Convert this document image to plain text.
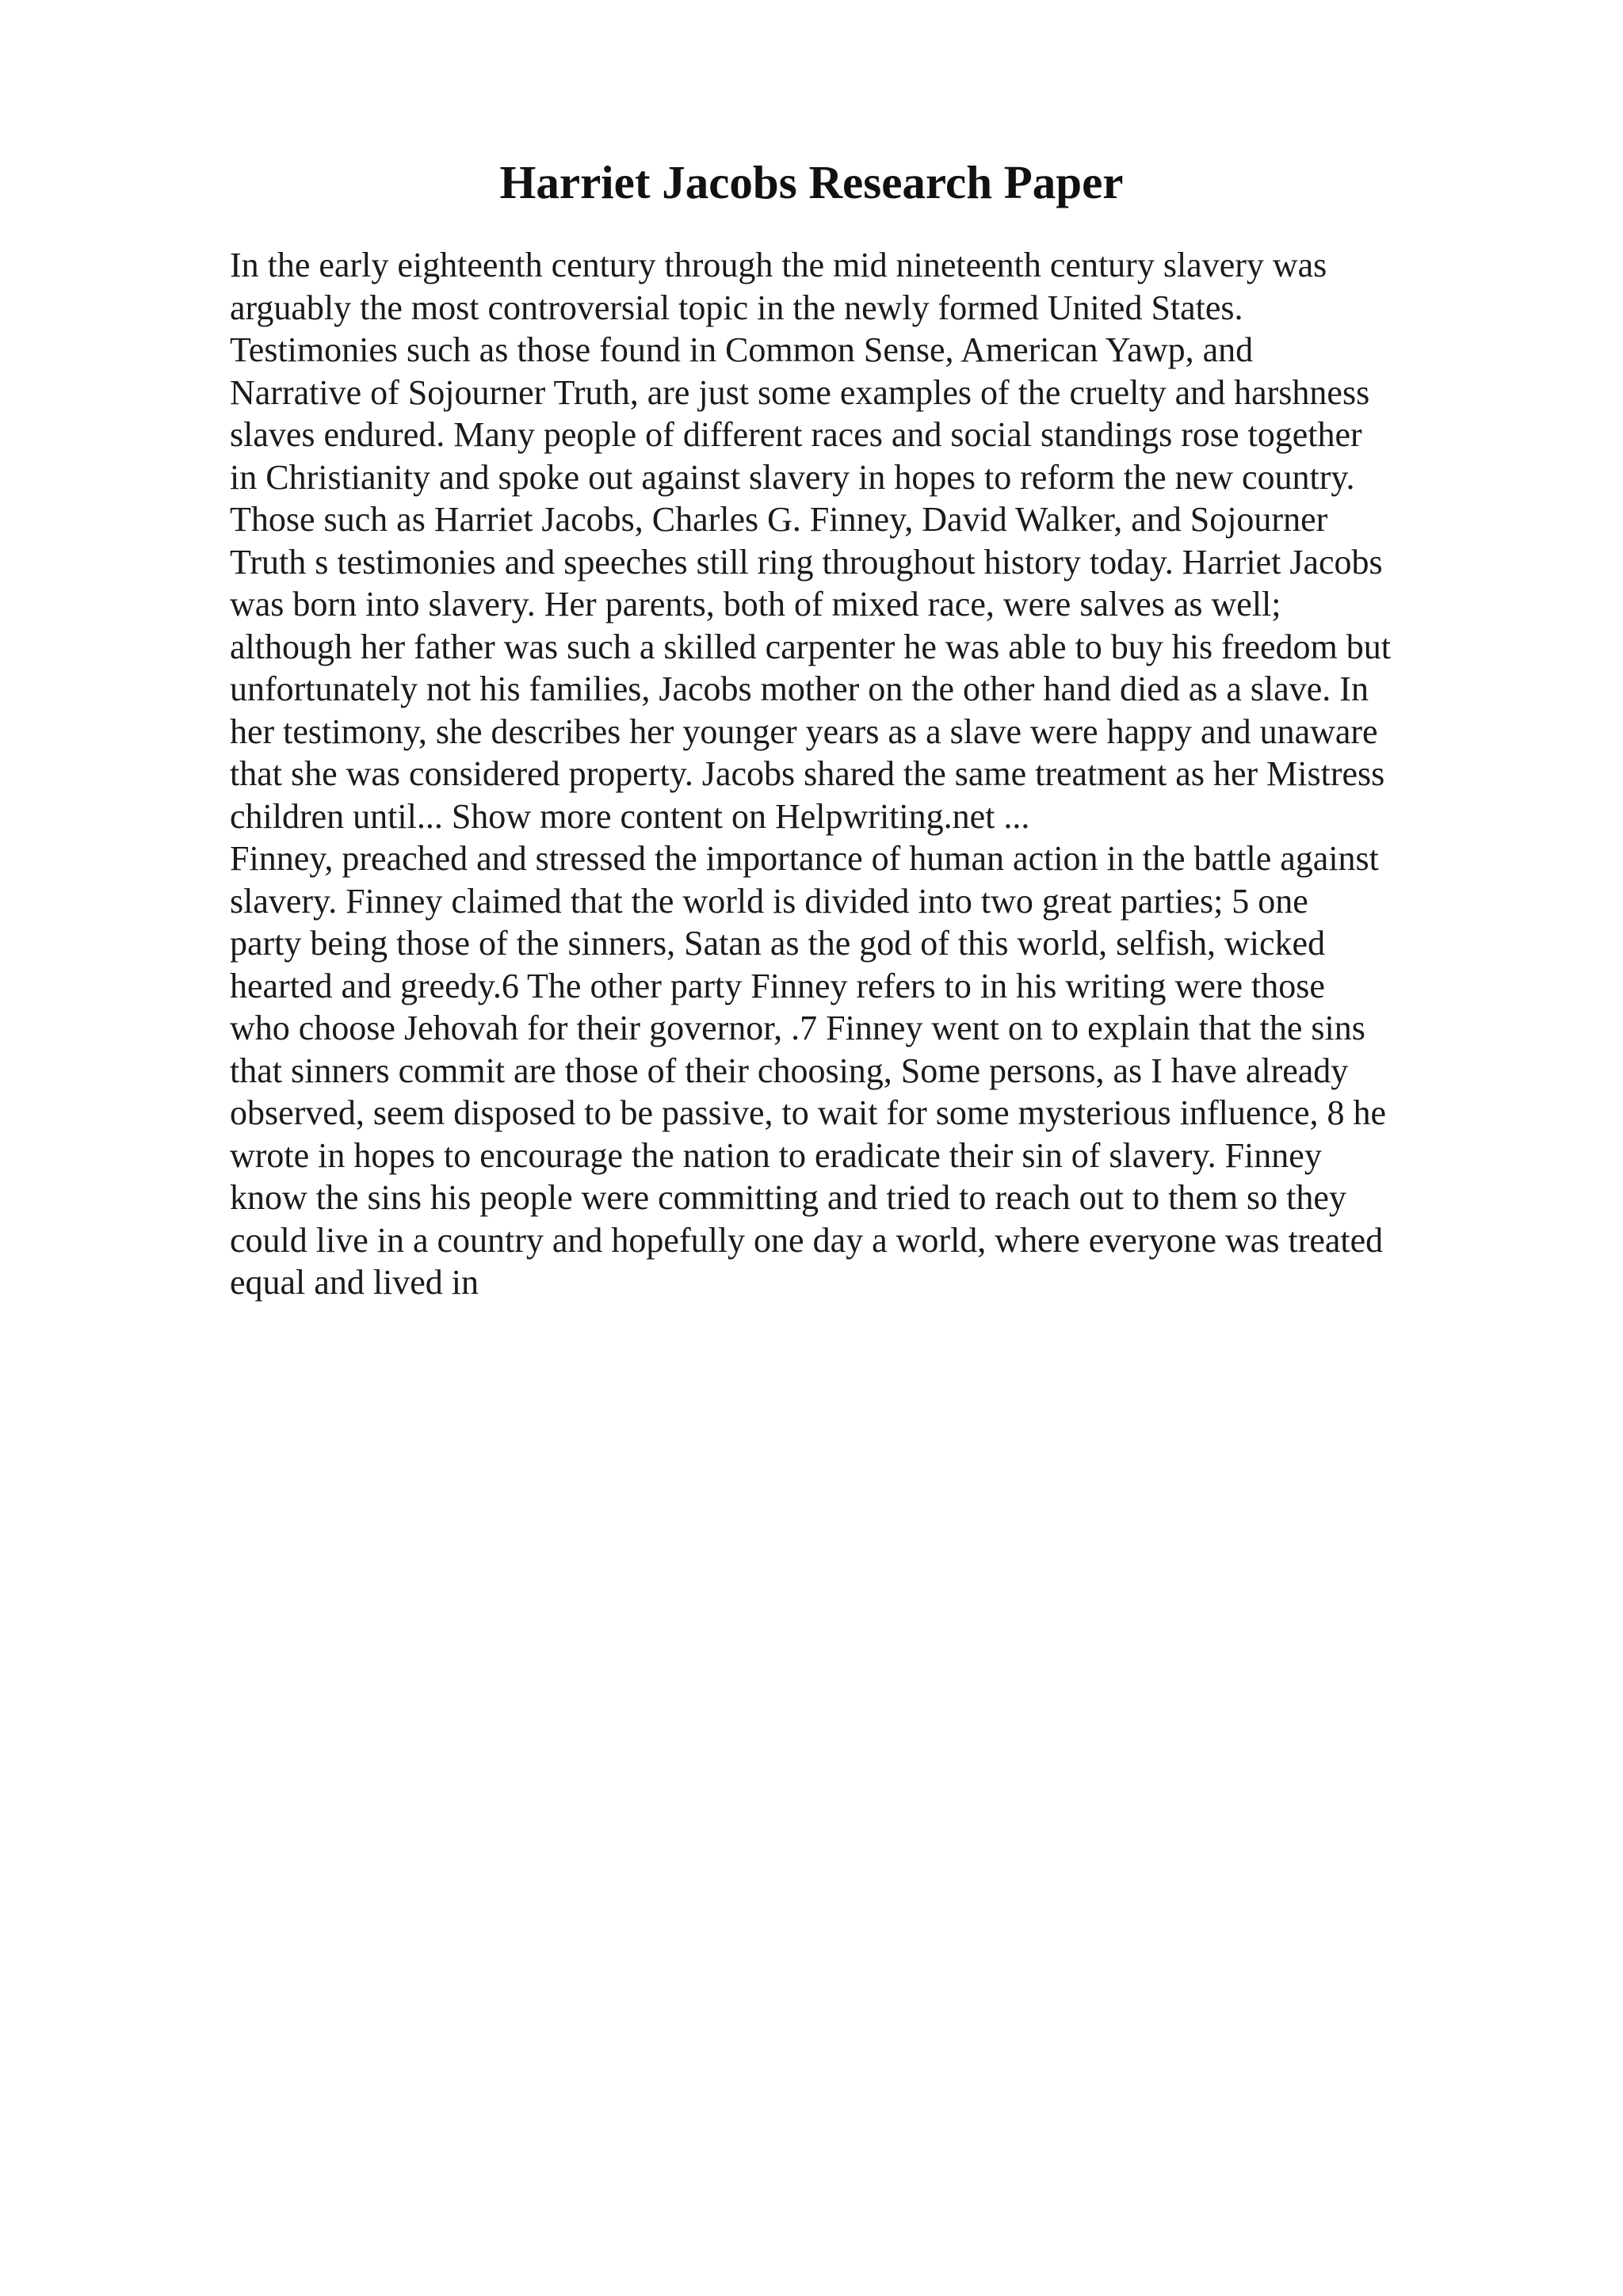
Harriet Jacobs Research Paper
In the early eighteenth century through the mid nineteenth century slavery was
arguably the most controversial topic in the newly formed United States.
Testimonies such as those found in Common Sense, American Yawp, and
Narrative of Sojourner Truth, are just some examples of the cruelty and harshness
slaves endured. Many people of different races and social standings rose together
in Christianity and spoke out against slavery in hopes to reform the new country.
Those such as Harriet Jacobs, Charles G. Finney, David Walker, and Sojourner
Truth s testimonies and speeches still ring throughout history today. Harriet Jacobs
was born into slavery. Her parents, both of mixed race, were salves as well;
although her father was such a skilled carpenter he was able to buy his freedom but
unfortunately not his families, Jacobs mother on the other hand died as a slave. In
her testimony, she describes her younger years as a slave were happy and unaware
that she was considered property. Jacobs shared the same treatment as her Mistress
children until... Show more content on Helpwriting.net ...
Finney, preached and stressed the importance of human action in the battle against
slavery. Finney claimed that the world is divided into two great parties; 5 one
party being those of the sinners, Satan as the god of this world, selfish, wicked
hearted and greedy.6 The other party Finney refers to in his writing were those
who choose Jehovah for their governor, .7 Finney went on to explain that the sins
that sinners commit are those of their choosing, Some persons, as I have already
observed, seem disposed to be passive, to wait for some mysterious influence, 8 he
wrote in hopes to encourage the nation to eradicate their sin of slavery. Finney
know the sins his people were committing and tried to reach out to them so they
could live in a country and hopefully one day a world, where everyone was treated
equal and lived in
